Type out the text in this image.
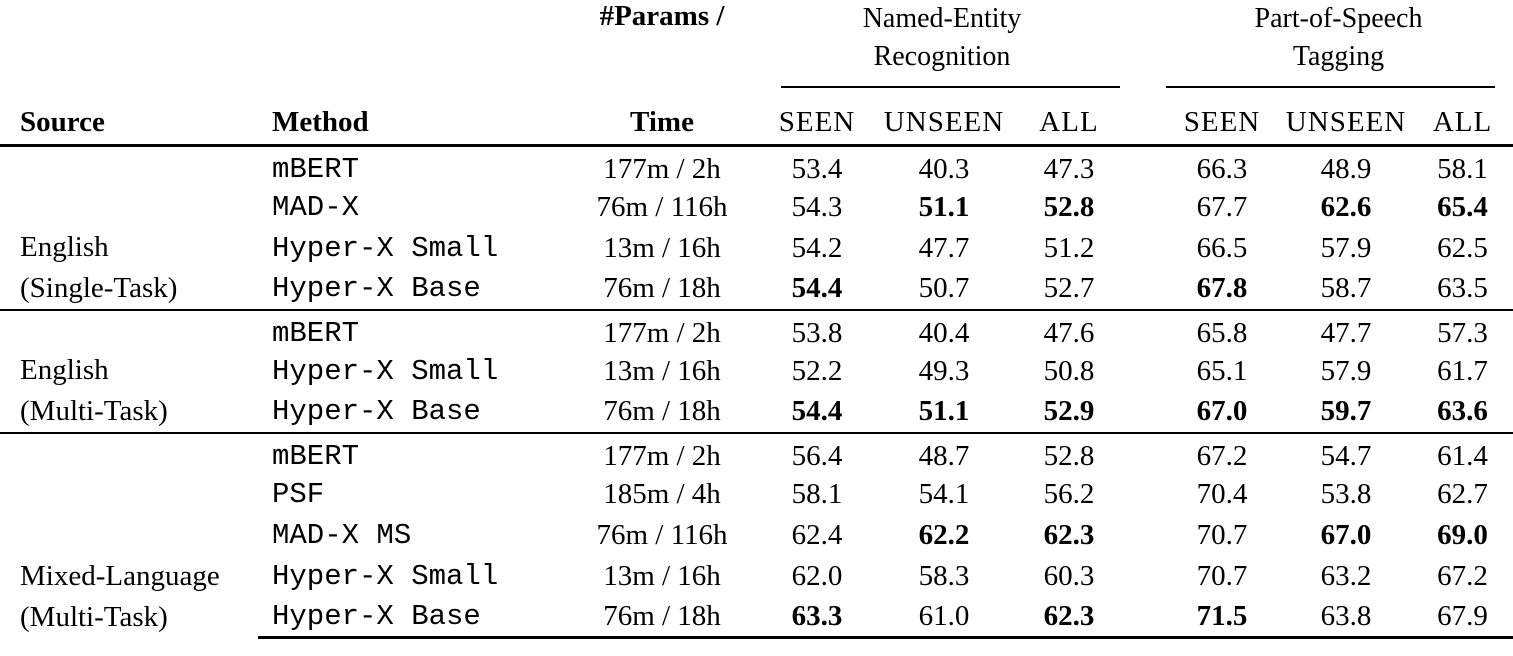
#Params /	Named-Entity
Recognition

Part-of-Speech
Tagging

Source	Method	Time	SEEN	UNSEEN	ALL		SEEN	UNSEEN	ALL

English
(Single-Task)	mBERT	177m / 2h	53.4	40.3	47.3		66.3	48.9	58.1
	MAD-X	76m / 116h	54.3	51.1	52.8		67.7	62.6	65.4
	Hyper-X Small	13m / 16h	54.2	47.7	51.2		66.5	57.9	62.5
	Hyper-X Base	76m / 18h	54.4	50.7	52.7		67.8	58.7	63.5

English
(Multi-Task)	mBERT	177m / 2h	53.8	40.4	47.6		65.8	47.7	57.3
	Hyper-X Small	13m / 16h	52.2	49.3	50.8		65.1	57.9	61.7
	Hyper-X Base	76m / 18h	54.4	51.1	52.9		67.0	59.7	63.6

Mixed-Language
(Multi-Task)	mBERT	177m / 2h	56.4	48.7	52.8		67.2	54.7	61.4
	PSF	185m / 4h	58.1	54.1	56.2		70.4	53.8	62.7
	MAD-X MS	76m / 116h	62.4	62.2	62.3		70.7	67.0	69.0
	Hyper-X Small	13m / 16h	62.0	58.3	60.3		70.7	63.2	67.2
	Hyper-X Base	76m / 18h	63.3	61.0	62.3		71.5	63.8	67.9
